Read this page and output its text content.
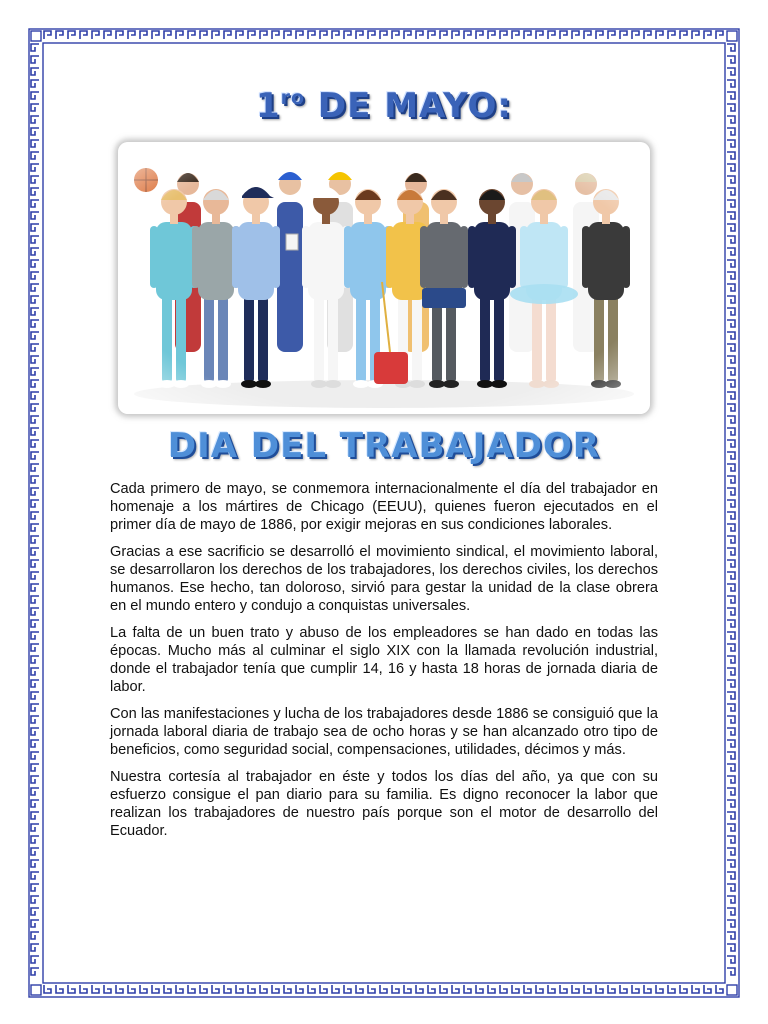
$1^{ro}$ DE MAYO:
DIA DEL TRABAJADOR

Cada primero de mayo, se conmemora internacionalmente el día del trabajador en homenaje a los mártires de Chicago (EEUU), quienes fueron ejecutados en el primer día de mayo de 1886, por exigir mejoras en sus condiciones laborales.

Gracias a ese sacrificio se desarrolló el movimiento sindical, el movimiento laboral, se desarrollaron los derechos de los trabajadores, los derechos civiles, los derechos humanos. Ese hecho, tan doloroso, sirvió para gestar la unidad de la clase obrera en el mundo entero y condujo a conquistas universales.

La falta de un buen trato y abuso de los empleadores se han dado en todas las épocas. Mucho más al culminar el siglo XIX con la llamada revolución industrial, donde el trabajador tenía que cumplir 14, 16 y hasta 18 horas de jornada diaria de labor.

Con las manifestaciones y lucha de los trabajadores desde 1886 se consiguió que la jornada laboral diaria de trabajo sea de ocho horas y se han alcanzado otro tipo de beneficios, como seguridad social, compensaciones, utilidades, décimos y más.

Nuestra cortesía al trabajador en éste y todos los días del año, ya que con su esfuerzo consigue el pan diario para su familia. Es digno reconocer la labor que realizan los trabajadores de nuestro país porque son el motor de desarrollo del Ecuador.
